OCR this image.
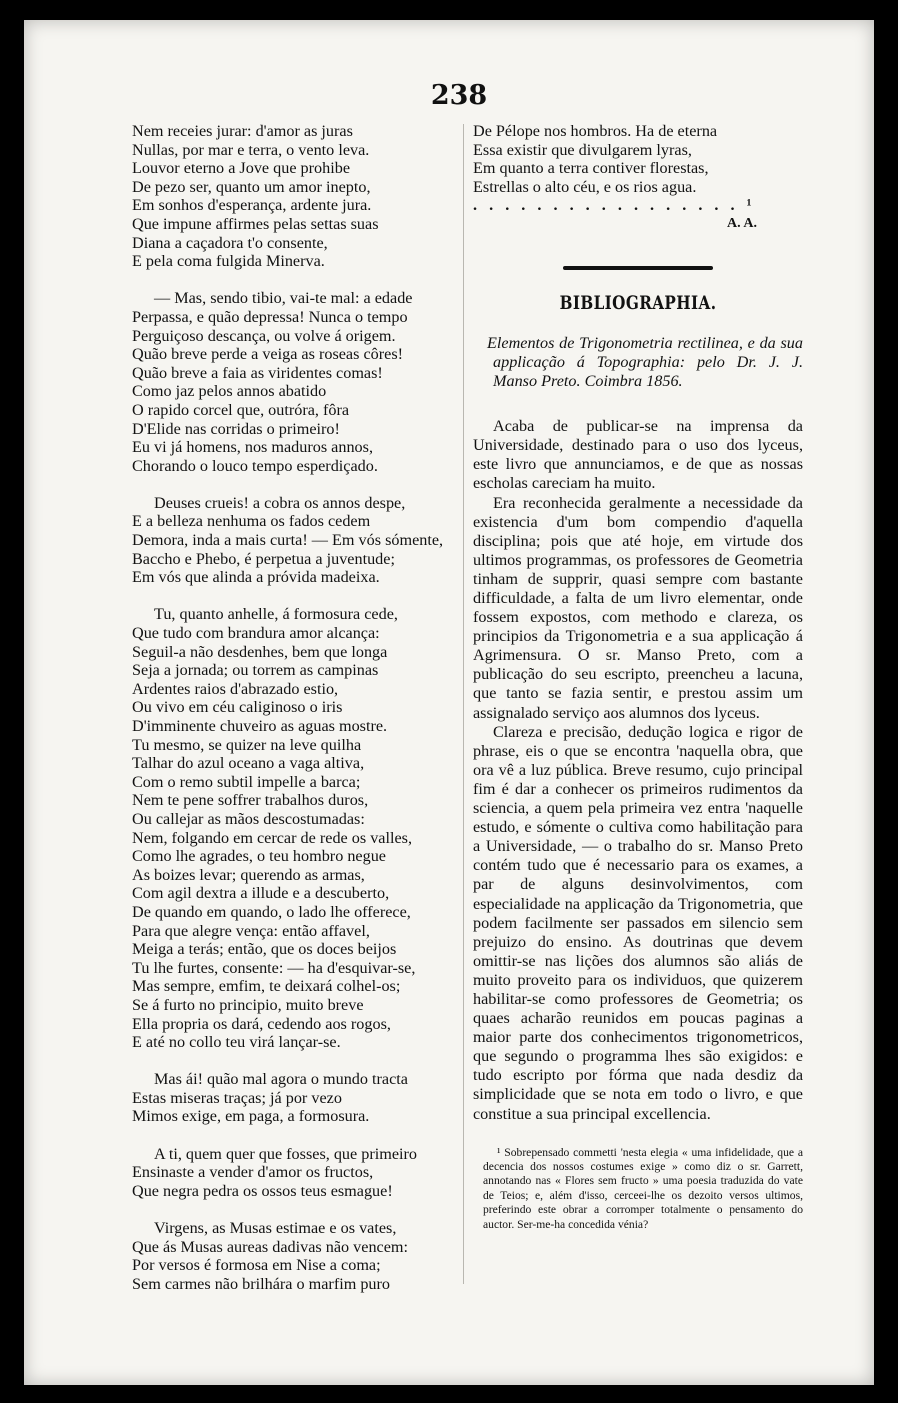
238
Nem receies jurar: d'amor as juras
Nullas, por mar e terra, o vento leva.
Louvor eterno a Jove que prohibe
De pezo ser, quanto um amor inepto,
Em sonhos d'esperança, ardente jura.
Que impune affirmes pelas settas suas
Diana a caçadora t'o consente,
E pela coma fulgida Minerva.
— Mas, sendo tibio, vai-te mal: a edade
Perpassa, e quão depressa! Nunca o tempo
Perguiçoso descança, ou volve á origem.
Quão breve perde a veiga as roseas côres!
Quão breve a faia as viridentes comas!
Como jaz pelos annos abatido
O rapido corcel que, outróra, fôra
D'Elide nas corridas o primeiro!
Eu vi já homens, nos maduros annos,
Chorando o louco tempo esperdiçado.
Deuses crueis! a cobra os annos despe,
E a belleza nenhuma os fados cedem
Demora, inda a mais curta! — Em vós sómente,
Baccho e Phebo, é perpetua a juventude;
Em vós que alinda a próvida madeixa.
Tu, quanto anhelle, á formosura cede,
Que tudo com brandura amor alcança:
Seguil-a não desdenhes, bem que longa
Seja a jornada; ou torrem as campinas
Ardentes raios d'abrazado estio,
Ou vivo em céu caliginoso o iris
D'imminente chuveiro as aguas mostre.
Tu mesmo, se quizer na leve quilha
Talhar do azul oceano a vaga altiva,
Com o remo subtil impelle a barca;
Nem te pene soffrer trabalhos duros,
Ou callejar as mãos descostumadas:
Nem, folgando em cercar de rede os valles,
Como lhe agrades, o teu hombro negue
As boizes levar; querendo as armas,
Com agil dextra a illude e a descuberto,
De quando em quando, o lado lhe offerece,
Para que alegre vença: então affavel,
Meiga a terás; então, que os doces beijos
Tu lhe furtes, consente: — ha d'esquivar-se,
Mas sempre, emfim, te deixará colhel-os;
Se á furto no principio, muito breve
Ella propria os dará, cedendo aos rogos,
E até no collo teu virá lançar-se.
Mas ái! quão mal agora o mundo tracta
Estas miseras traças; já por vezo
Mimos exige, em paga, a formosura.
A ti, quem quer que fosses, que primeiro
Ensinaste a vender d'amor os fructos,
Que negra pedra os ossos teus esmague!
Virgens, as Musas estimae e os vates,
Que ás Musas aureas dadivas não vencem:
Por versos é formosa em Nise a coma;
Sem carmes não brilhára o marfim puro
De Pélope nos hombros. Ha de eterna
Essa existir que divulgarem lyras,
Em quanto a terra contiver florestas,
Estrellas o alto céu, e os rios agua.
. . . . . . . . . . . . . . . . . ¹
A. A.
BIBLIOGRAPHIA.

Elementos de Trigonometria rectilinea, e da sua applicação á Topographia: pelo Dr. J. J. Manso Preto. Coimbra 1856.

Acaba de publicar-se na imprensa da Universidade, destinado para o uso dos lyceus, este livro que annunciamos, e de que as nossas escholas careciam ha muito.

Era reconhecida geralmente a necessidade da existencia d'um bom compendio d'aquella disciplina; pois que até hoje, em virtude dos ultimos programmas, os professores de Geometria tinham de supprir, quasi sempre com bastante difficuldade, a falta de um livro elementar, onde fossem expostos, com methodo e clareza, os principios da Trigonometria e a sua applicação á Agrimensura. O sr. Manso Preto, com a publicação do seu escripto, preencheu a lacuna, que tanto se fazia sentir, e prestou assim um assignalado serviço aos alumnos dos lyceus.

Clareza e precisão, dedução logica e rigor de phrase, eis o que se encontra 'naquella obra, que ora vê a luz pública. Breve resumo, cujo principal fim é dar a conhecer os primeiros rudimentos da sciencia, a quem pela primeira vez entra 'naquelle estudo, e sómente o cultiva como habilitação para a Universidade, — o trabalho do sr. Manso Preto contém tudo que é necessario para os exames, a par de alguns desinvolvimentos, com especialidade na applicação da Trigonometria, que podem facilmente ser passados em silencio sem prejuizo do ensino. As doutrinas que devem omittir-se nas lições dos alumnos são aliás de muito proveito para os individuos, que quizerem habilitar-se como professores de Geometria; os quaes acharão reunidos em poucas paginas a maior parte dos conhecimentos trigonometricos, que segundo o programma lhes são exigidos: e tudo escripto por fórma que nada desdiz da simplicidade que se nota em todo o livro, e que constitue a sua principal excellencia.

¹ Sobrepensado commetti 'nesta elegia « uma infidelidade, que a decencia dos nossos costumes exige » como diz o sr. Garrett, annotando nas « Flores sem fructo » uma poesia traduzida do vate de Teios; e, além d'isso, cerceei-lhe os dezoito versos ultimos, preferindo este obrar a corromper totalmente o pensamento do auctor. Ser-me-ha concedida vénia?
